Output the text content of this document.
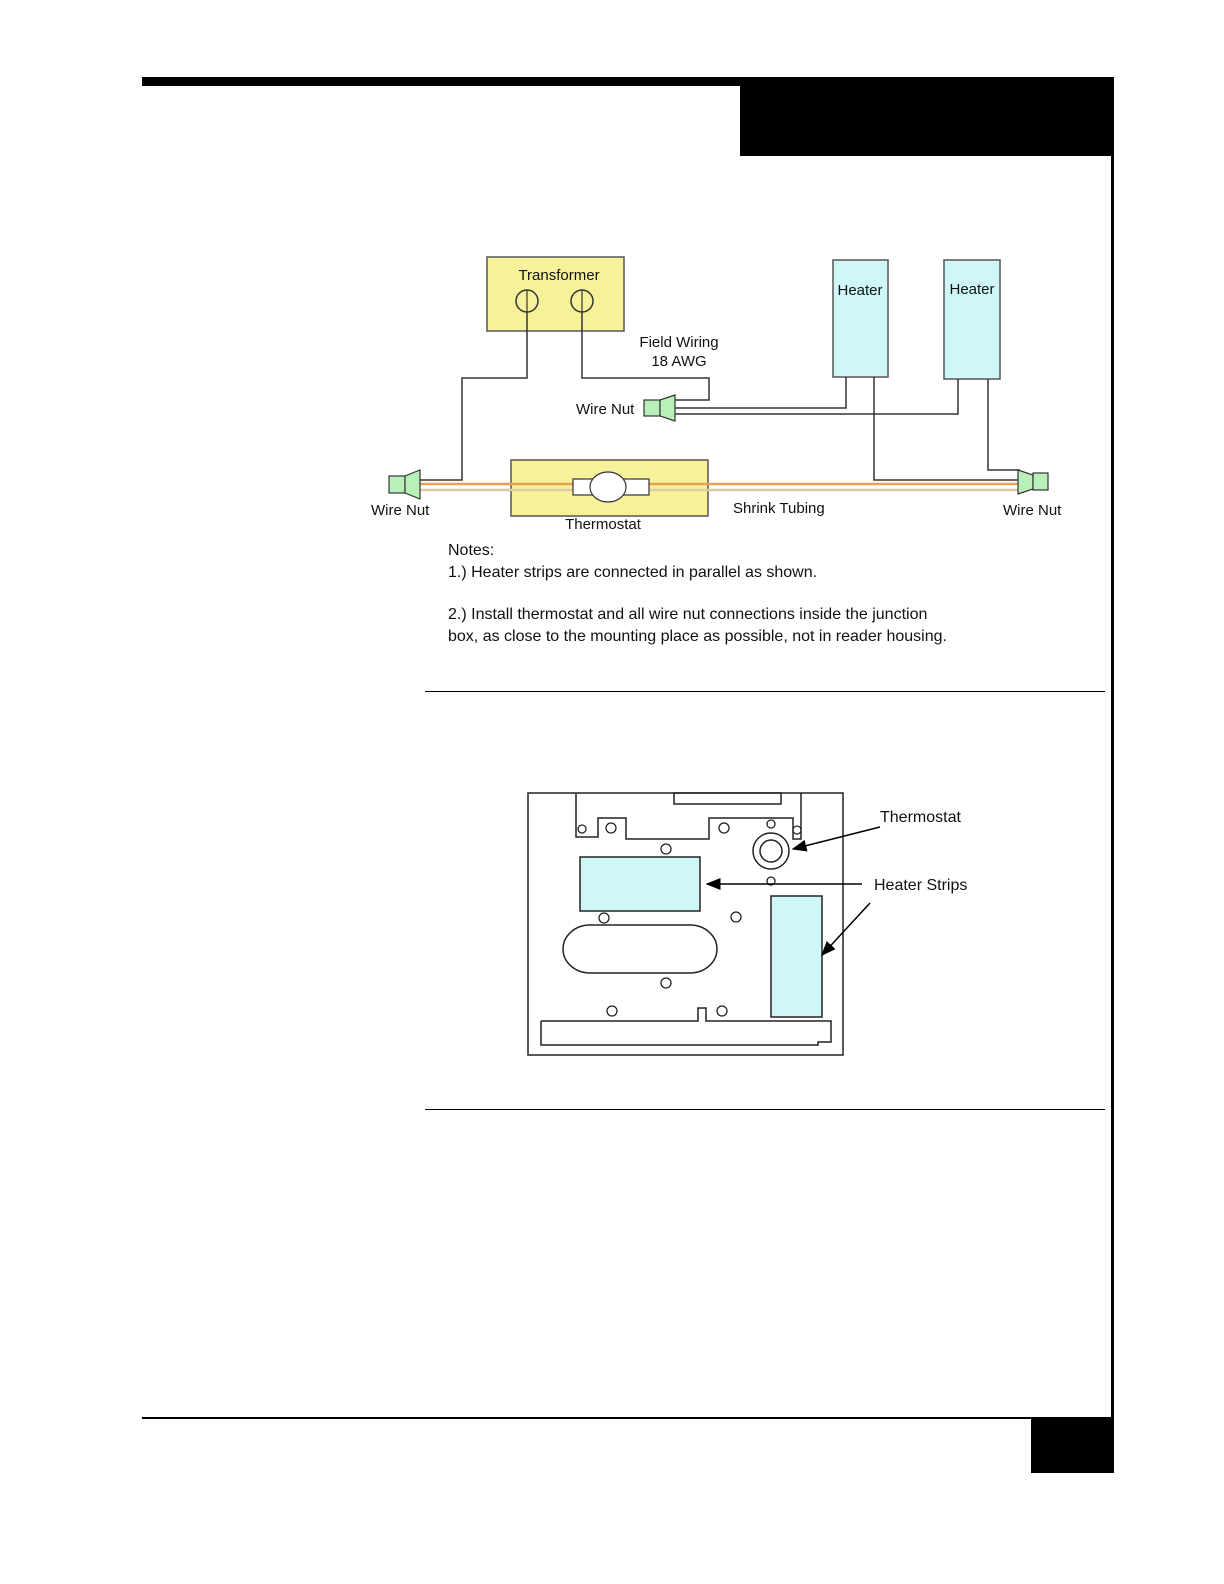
Transformer
Heater	Heater
Field Wiring
18 AWG
Wire Nut
Thermostat
Shrink Tubing
Wire Nut	Wire Nut
Notes:
1.) Heater strips are connected in parallel as shown.
2.) Install thermostat and all wire nut connections inside the junction
box, as close to the mounting place as possible, not in reader housing.
Thermostat
Heater Strips
